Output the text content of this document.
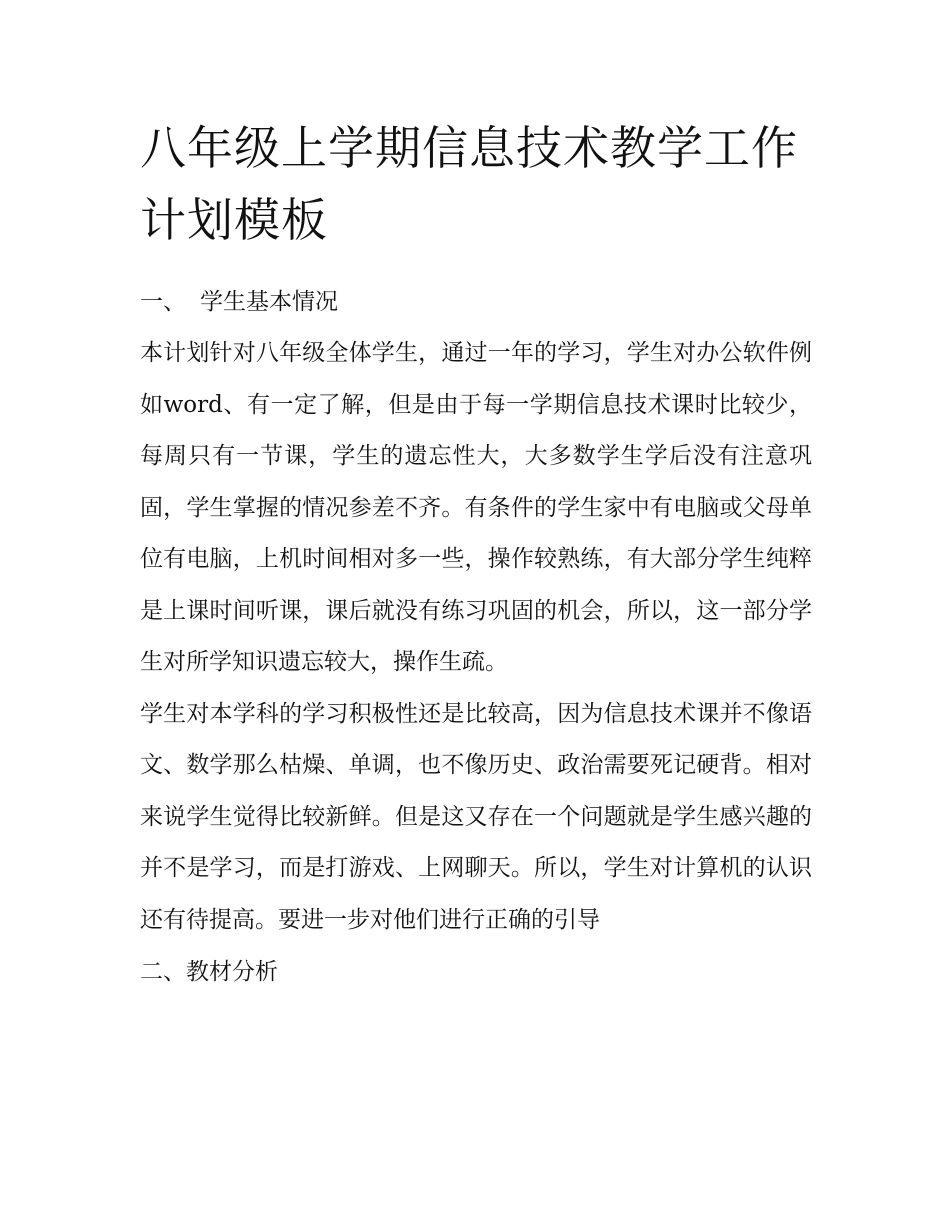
八年级上学期信息技术教学工作计划模板
一、 学生基本情况

本计划针对八年级全体学生，通过一年的学习，学生对办公软件例如word、有一定了解，但是由于每一学期信息技术课时比较少，每周只有一节课，学生的遗忘性大，大多数学生学后没有注意巩固，学生掌握的情况参差不齐。有条件的学生家中有电脑或父母单位有电脑，上机时间相对多一些，操作较熟练，有大部分学生纯粹是上课时间听课，课后就没有练习巩固的机会，所以，这一部分学生对所学知识遗忘较大，操作生疏。

学生对本学科的学习积极性还是比较高，因为信息技术课并不像语文、数学那么枯燥、单调，也不像历史、政治需要死记硬背。相对来说学生觉得比较新鲜。但是这又存在一个问题就是学生感兴趣的并不是学习，而是打游戏、上网聊天。所以，学生对计算机的认识还有待提高。要进一步对他们进行正确的引导

二、教材分析
